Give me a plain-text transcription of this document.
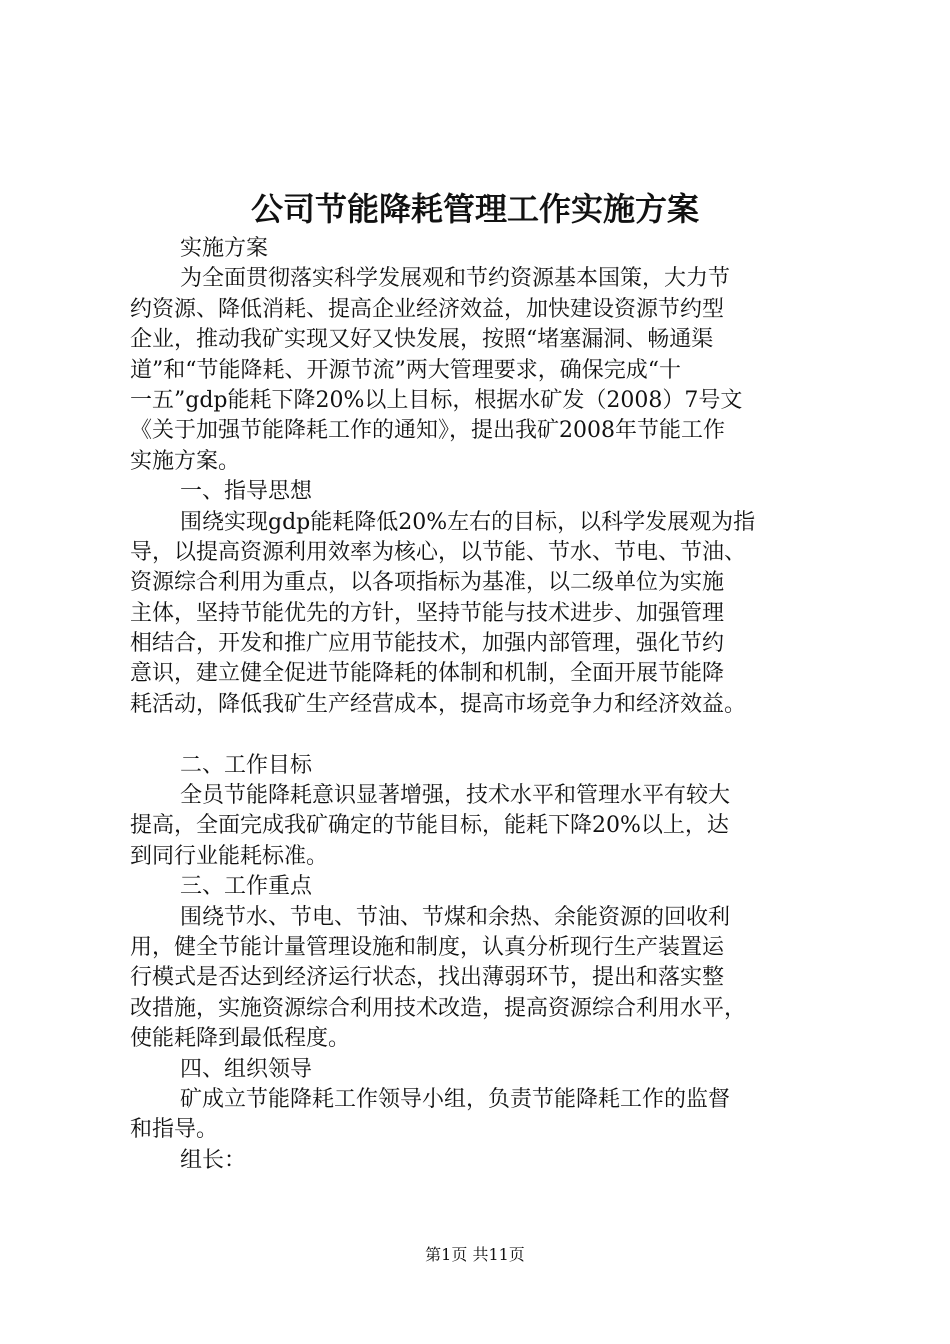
公司节能降耗管理工作实施方案
实施方案
为全面贯彻落实科学发展观和节约资源基本国策，大力节
约资源、降低消耗、提高企业经济效益，加快建设资源节约型
企业，推动我矿实现又好又快发展，按照“堵塞漏洞、畅通渠
道”和“节能降耗、开源节流”两大管理要求，确保完成“十
一五”gdp能耗下降20%以上目标，根据水矿发（2008）7号文
《关于加强节能降耗工作的通知》，提出我矿2008年节能工作
实施方案。
一、指导思想
围绕实现gdp能耗降低20%左右的目标，以科学发展观为指
导，以提高资源利用效率为核心，以节能、节水、节电、节油、
资源综合利用为重点，以各项指标为基准，以二级单位为实施
主体，坚持节能优先的方针，坚持节能与技术进步、加强管理
相结合，开发和推广应用节能技术，加强内部管理，强化节约
意识，建立健全促进节能降耗的体制和机制，全面开展节能降
耗活动，降低我矿生产经营成本，提高市场竞争力和经济效益。
二、工作目标
全员节能降耗意识显著增强，技术水平和管理水平有较大
提高，全面完成我矿确定的节能目标，能耗下降20%以上，达
到同行业能耗标准。
三、工作重点
围绕节水、节电、节油、节煤和余热、余能资源的回收利
用，健全节能计量管理设施和制度，认真分析现行生产装置运
行模式是否达到经济运行状态，找出薄弱环节，提出和落实整
改措施，实施资源综合利用技术改造，提高资源综合利用水平，
使能耗降到最低程度。
四、组织领导
矿成立节能降耗工作领导小组，负责节能降耗工作的监督
和指导。
组长：
第1页 共11页
